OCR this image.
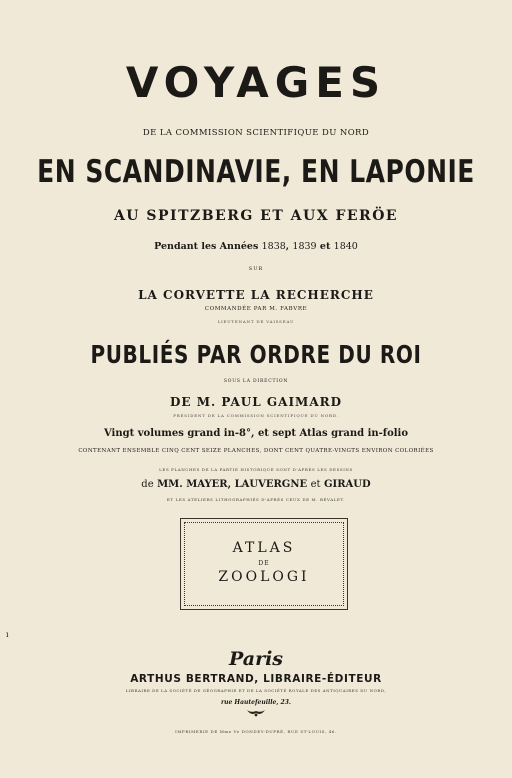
VOYAGES
DE LA COMMISSION SCIENTIFIQUE DU NORD
EN SCANDINAVIE, EN LAPONIE
AU SPITZBERG ET AUX FERÖE
Pendant les Années 1838, 1839 et 1840
SUR
LA CORVETTE LA RECHERCHE
COMMANDÉE PAR M. FABVRE
LIEUTENANT DE VAISSEAU
PUBLIÉS PAR ORDRE DU ROI
SOUS LA DIRECTION
DE M. PAUL GAIMARD
PRÉSIDENT DE LA COMMISSION SCIENTIFIQUE DU NORD.
Vingt volumes grand in-8°, et sept Atlas grand in-folio
CONTENANT ENSEMBLE CINQ CENT SEIZE PLANCHES, DONT CENT QUATRE-VINGTS ENVIRON COLORIÉES
LES PLANCHES DE LA PARTIE HISTORIQUE SONT D'APRÈS LES DESSINS
de MM. MAYER, LAUVERGNE et GIRAUD
ET LES ATELIERS LITHOGRAPHIÉS D'APRÈS CEUX DE M. BÉVALET.
ATLAS
DE
ZOOLOGI
ı
Paris
ARTHUS BERTRAND, LIBRAIRE-ÉDITEUR
LIBRAIRE DE LA SOCIÉTÉ DE GÉOGRAPHIE ET DE LA SOCIÉTÉ ROYALE DES ANTIQUAIRES DU NORD,
rue Hautefeuille, 23.
IMPRIMERIE DE Mme Ve DONDEY-DUPRÉ, RUE ST-LOUIS, 46.
